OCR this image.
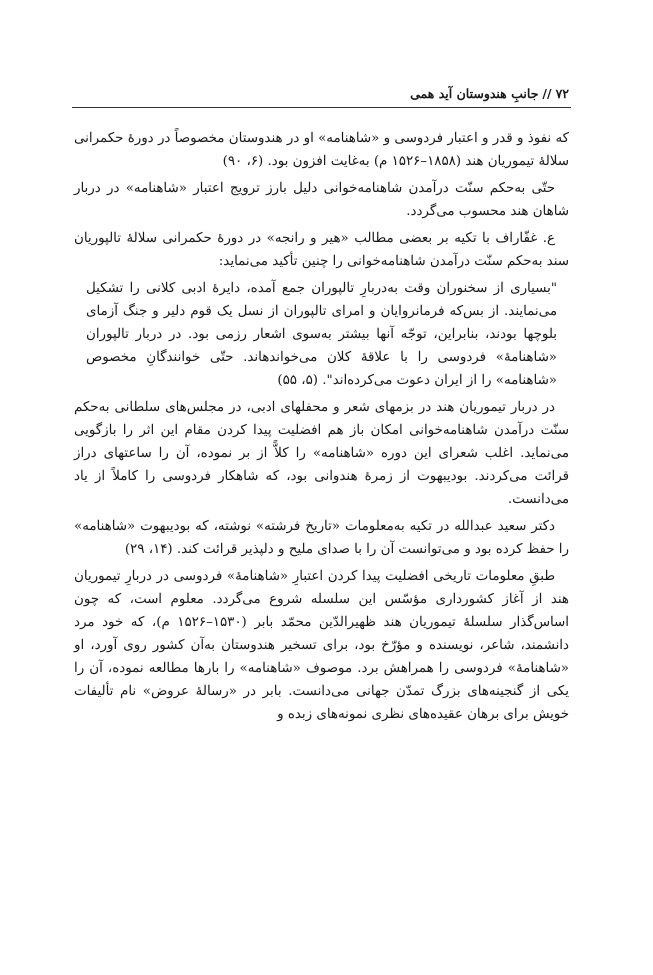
۷۲
//
جانبِ هندوستان آید همی

که نفوذ و قدر و اعتبار فردوسی و «شاهنامه» او در هندوستان مخصوصاً در دورهٔ حکمرانی سلالهٔ تیموریان هند (۱۸۵۸–۱۵۲۶ م) به‌غایت افزون بود. (۶، ۹۰)

حتّی به‌حکم سنّت درآمدن شاهنامه‌خوانی دلیل بارز ترویج اعتبار «شاهنامه» در دربار شاهان هند محسوب می‌گردد.

ع. غفّاراف با تکیه بر بعضی مطالب «هیر و رانجه» در دورهٔ حکمرانی سلالهٔ تالپوریان سند به‌حکم سنّت درآمدن شاهنامه‌خوانی را چنین تأکید می‌نماید:

"بسیاری از سخنوران وقت به‌دربارِ تالپوران جمع آمده، دایرهٔ ادبی کلانی را تشکیل می‌نمایند. از بس‌که فرمانروایان و امرای تالپوران از نسل یک قوم دلیر و جنگ آزمای بلوچها بودند، بنابراین، توجّه آنها بیشتر به‌سوی اشعار رزمی بود. در دربار تالپوران «شاهنامهٔ» فردوسی را با علاقهٔ کلان می‌خواندهاند. حتّی خوانندگانِ مخصوص «شاهنامه» را از ایران دعوت می‌کرده‌اند". (۵، ۵۵)

در دربار تیموریان هند در بزمهای شعر و محفلهای ادبی، در مجلس‌های سلطانی به‌حکم سنّت درآمدن شاهنامه‌خوانی امکان باز هم افضلیت پیدا کردن مقام این اثر را بازگویی می‌نماید. اغلب شعرای این دوره «شاهنامه» را کلاًّ از بر نموده، آن را ساعتهای دراز قرائت می‌کردند. بودیبهوت از زمرهٔ هندوانی بود، که شاهکار فردوسی را کاملاً از یاد می‌دانست.

دکتر سعید عبدالله در تکیه به‌معلومات «تاریخ فرشته» نوشته، که بودیبهوت «شاهنامه» را حفظ کرده بود و می‌توانست آن را با صدای ملیح و دلپذیر قرائت کند. (۱۴، ۲۹)

طبقِ معلومات تاریخی افضلیت پیدا کردن اعتبارِ «شاهنامهٔ» فردوسی در دربارِ تیموریان هند از آغاز کشورداری مؤسّس این سلسله شروع می‌گردد. معلوم است، که چون اساس‌گذار سلسلهٔ تیموریان هند ظهیرالدّین محمّد بابر (۱۵۳۰–۱۵۲۶ م)، که خود مرد دانشمند، شاعر، نویسنده و مؤرّخ بود، برای تسخیر هندوستان به‌آن کشور روی آورد، او «شاهنامهٔ» فردوسی را همراهش برد. موصوف «شاهنامه» را بارها مطالعه نموده، آن را یکی از گنجینه‌های بزرگ تمدّن جهانی می‌دانست. بابر در «رسالهٔ عروض» نام تألیفات خویش برای برهان عقیده‌های نظری نمونه‌های زبده و
